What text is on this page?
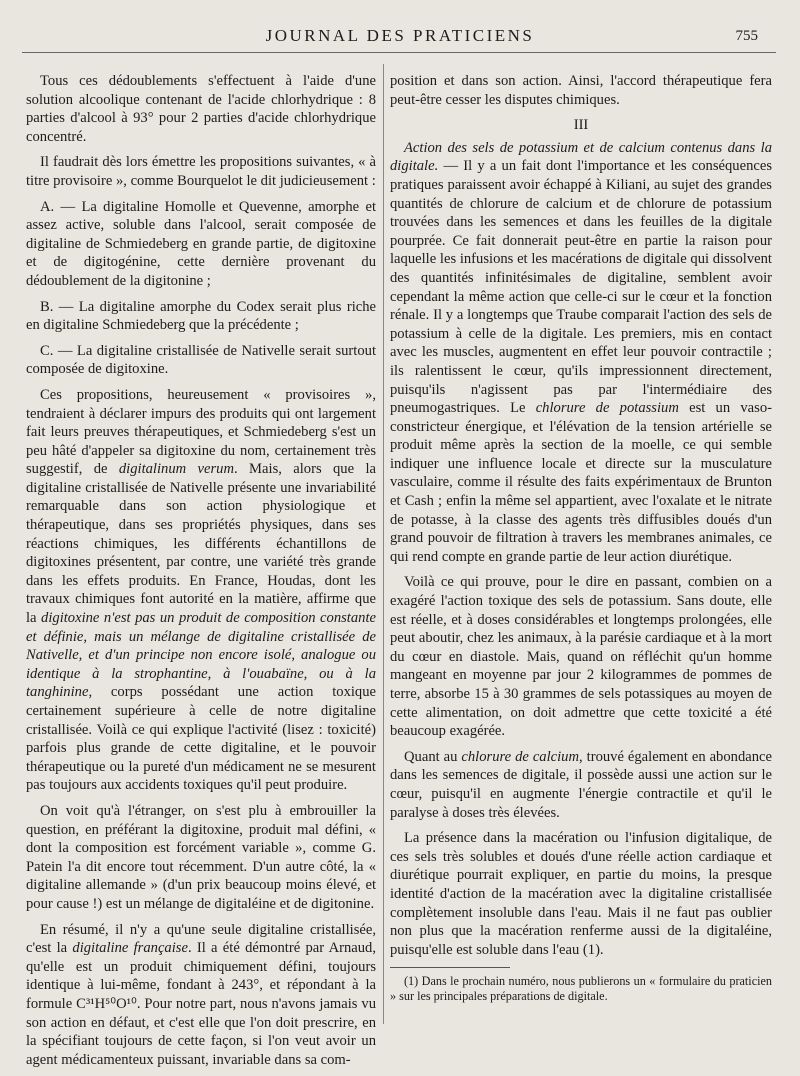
JOURNAL DES PRATICIENS	755

Tous ces dédoublements s'effectuent à l'aide d'une solution alcoolique contenant de l'acide chlorhydrique : 8 parties d'alcool à 93° pour 2 parties d'acide chlorhydrique concentré.

Il faudrait dès lors émettre les propositions suivantes, « à titre provisoire », comme Bourquelot le dit judicieusement :

A. — La digitaline Homolle et Quevenne, amorphe et assez active, soluble dans l'alcool, serait composée de digitaline de Schmiedeberg en grande partie, de digitoxine et de digitogénine, cette dernière provenant du dédoublement de la digitonine ;

B. — La digitaline amorphe du Codex serait plus riche en digitaline Schmiedeberg que la précédente ;

C. — La digitaline cristallisée de Nativelle serait surtout composée de digitoxine.

Ces propositions, heureusement « provisoires », tendraient à déclarer impurs des produits qui ont largement fait leurs preuves thérapeutiques, et Schmiedeberg s'est un peu hâté d'appeler sa digitoxine du nom, certainement très suggestif, de digitalinum verum. Mais, alors que la digitaline cristallisée de Nativelle présente une invariabilité remarquable dans son action physiologique et thérapeutique, dans ses propriétés physiques, dans ses réactions chimiques, les différents échantillons de digitoxines présentent, par contre, une variété très grande dans les effets produits. En France, Houdas, dont les travaux chimiques font autorité en la matière, affirme que la digitoxine n'est pas un produit de composition constante et définie, mais un mélange de digitaline cristallisée de Nativelle, et d'un principe non encore isolé, analogue ou identique à la strophantine, à l'ouabaïne, ou à la tanghinine, corps possédant une action toxique certainement supérieure à celle de notre digitaline cristallisée. Voilà ce qui explique l'activité (lisez : toxicité) parfois plus grande de cette digitaline, et le pouvoir thérapeutique ou la pureté d'un médicament ne se mesurent pas toujours aux accidents toxiques qu'il peut produire.

On voit qu'à l'étranger, on s'est plu à embrouiller la question, en préférant la digitoxine, produit mal défini, « dont la composition est forcément variable », comme G. Patein l'a dit encore tout récemment. D'un autre côté, la « digitaline allemande » (d'un prix beaucoup moins élevé, et pour cause !) est un mélange de digitaléine et de digitonine.

En résumé, il n'y a qu'une seule digitaline cristallisée, c'est la digitaline française. Il a été démontré par Arnaud, qu'elle est un produit chimiquement défini, toujours identique à lui-même, fondant à 243°, et répondant à la formule C³¹H⁵⁰O¹⁰. Pour notre part, nous n'avons jamais vu son action en défaut, et c'est elle que l'on doit prescrire, en la spécifiant toujours de cette façon, si l'on veut avoir un agent médicamenteux puissant, invariable dans sa com-

position et dans son action. Ainsi, l'accord thérapeutique fera peut-être cesser les disputes chimiques.

III

Action des sels de potassium et de calcium contenus dans la digitale. — Il y a un fait dont l'importance et les conséquences pratiques paraissent avoir échappé à Kiliani, au sujet des grandes quantités de chlorure de calcium et de chlorure de potassium trouvées dans les semences et dans les feuilles de la digitale pourprée. Ce fait donnerait peut-être en partie la raison pour laquelle les infusions et les macérations de digitale qui dissolvent des quantités infinitésimales de digitaline, semblent avoir cependant la même action que celle-ci sur le cœur et la fonction rénale. Il y a longtemps que Traube comparait l'action des sels de potassium à celle de la digitale. Les premiers, mis en contact avec les muscles, augmentent en effet leur pouvoir contractile ; ils ralentissent le cœur, qu'ils impressionnent directement, puisqu'ils n'agissent pas par l'intermédiaire des pneumogastriques. Le chlorure de potassium est un vaso-constricteur énergique, et l'élévation de la tension artérielle se produit même après la section de la moelle, ce qui semble indiquer une influence locale et directe sur la musculature vasculaire, comme il résulte des faits expérimentaux de Brunton et Cash ; enfin la même sel appartient, avec l'oxalate et le nitrate de potasse, à la classe des agents très diffusibles doués d'un grand pouvoir de filtration à travers les membranes animales, ce qui rend compte en grande partie de leur action diurétique.

Voilà ce qui prouve, pour le dire en passant, combien on a exagéré l'action toxique des sels de potassium. Sans doute, elle est réelle, et à doses considérables et longtemps prolongées, elle peut aboutir, chez les animaux, à la parésie cardiaque et à la mort du cœur en diastole. Mais, quand on réfléchit qu'un homme mangeant en moyenne par jour 2 kilogrammes de pommes de terre, absorbe 15 à 30 grammes de sels potassiques au moyen de cette alimentation, on doit admettre que cette toxicité a été beaucoup exagérée.

Quant au chlorure de calcium, trouvé également en abondance dans les semences de digitale, il possède aussi une action sur le cœur, puisqu'il en augmente l'énergie contractile et qu'il le paralyse à doses très élevées.

La présence dans la macération ou l'infusion digitalique, de ces sels très solubles et doués d'une réelle action cardiaque et diurétique pourrait expliquer, en partie du moins, la presque identité d'action de la macération avec la digitaline cristallisée complètement insoluble dans l'eau. Mais il ne faut pas oublier non plus que la macération renferme aussi de la digitaléine, puisqu'elle est soluble dans l'eau (1).

(1) Dans le prochain numéro, nous publierons un « formulaire du praticien » sur les principales préparations de digitale.
